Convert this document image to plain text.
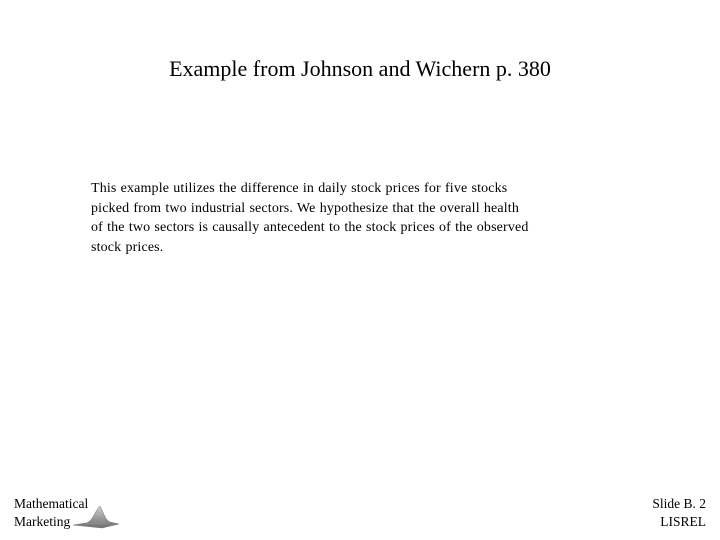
Example from Johnson and Wichern p. 380
This example utilizes the difference in daily stock prices for five stocks
picked from two industrial sectors. We hypothesize that the overall health
of the two sectors is causally antecedent to the stock prices of the observed
stock prices.
Mathematical
Marketing
Slide B. 2
LISREL
